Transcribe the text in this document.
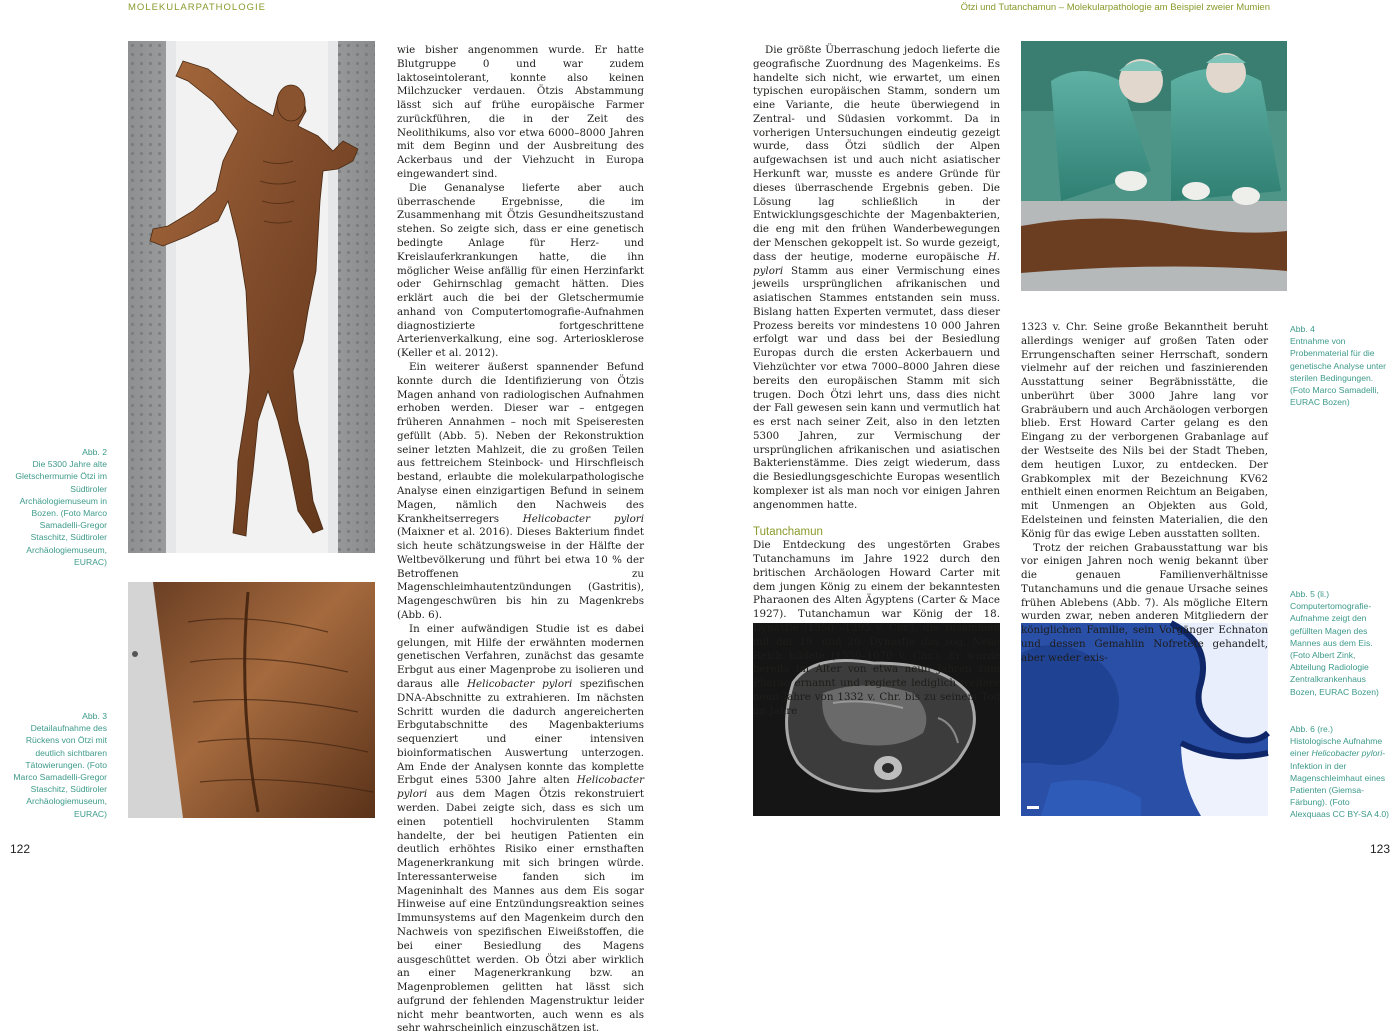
MOLEKULARPATHOLOGIE	Ötzi und Tutanchamun – Molekularpathologie am Beispiel zweier Mumien
Abb. 2
Die 5300 Jahre alte Gletschermumie Ötzi im Südtiroler Archäologiemuseum in Bozen. (Foto Marco Samadelli-Gregor Staschitz, Südtiroler Archäologiemuseum, EURAC)
Abb. 3
Detailaufnahme des Rückens von Ötzi mit deutlich sichtbaren Tätowierungen. (Foto Marco Samadelli-Gregor Staschitz, Südtiroler Archäologiemuseum, EURAC)
Abb. 4
Entnahme von Probenmaterial für die genetische Analyse unter sterilen Bedingungen. (Foto Marco Samadelli, EURAC Bozen)
Abb. 5 (li.)
Computertomografie-Aufnahme zeigt den gefüllten Magen des Mannes aus dem Eis. (Foto Albert Zink, Abteilung Radiologie Zentralkrankenhaus Bozen, EURAC Bozen)
Abb. 6 (re.)
Histologische Aufnahme einer Helicobacter pylori-Infektion in der Magenschleimhaut eines Patienten (Giemsa-Färbung). (Foto Alexquaas CC BY-SA 4.0)

wie bisher angenommen wurde. Er hatte Blutgruppe 0 und war zudem laktoseintolerant, konnte also keinen Milchzucker verdauen. Ötzis Abstammung lässt sich auf frühe europäische Farmer zurückführen, die in der Zeit des Neolithikums, also vor etwa 6000–8000 Jahren mit dem Beginn und der Ausbreitung des Ackerbaus und der Viehzucht in Europa eingewandert sind.

Die Genanalyse lieferte aber auch überraschende Ergebnisse, die im Zusammenhang mit Ötzis Gesundheitszustand stehen. So zeigte sich, dass er eine genetisch bedingte Anlage für Herz- und Kreislauferkrankungen hatte, die ihn möglicher Weise anfällig für einen Herzinfarkt oder Gehirnschlag gemacht hätten. Dies erklärt auch die bei der Gletschermumie anhand von Computertomografie-Aufnahmen diagnostizierte fortgeschrittene Arterienverkalkung, eine sog. Arteriosklerose (Keller et al. 2012).

Ein weiterer äußerst spannender Befund konnte durch die Identifizierung von Ötzis Magen anhand von radiologischen Aufnahmen erhoben werden. Dieser war – entgegen früheren Annahmen – noch mit Speiseresten gefüllt (Abb. 5). Neben der Rekonstruktion seiner letzten Mahlzeit, die zu großen Teilen aus fettreichem Steinbock- und Hirschfleisch bestand, erlaubte die molekularpathologische Analyse einen einzigartigen Befund in seinem Magen, nämlich den Nachweis des Krankheitserregers Helicobacter pylori (Maixner et al. 2016). Dieses Bakterium findet sich heute schätzungsweise in der Hälfte der Weltbevölkerung und führt bei etwa 10 % der Betroffenen zu Magenschleimhautentzündungen (Gastritis), Magengeschwüren bis hin zu Magenkrebs (Abb. 6).

In einer aufwändigen Studie ist es dabei gelungen, mit Hilfe der erwähnten modernen genetischen Verfahren, zunächst das gesamte Erbgut aus einer Magenprobe zu isolieren und daraus alle Helicobacter pylori spezifischen DNA-Abschnitte zu extrahieren. Im nächsten Schritt wurden die dadurch angereicherten Erbgutabschnitte des Magenbakteriums sequenziert und einer intensiven bioinformatischen Auswertung unterzogen. Am Ende der Analysen konnte das komplette Erbgut eines 5300 Jahre alten Helicobacter pylori aus dem Magen Ötzis rekonstruiert werden. Dabei zeigte sich, dass es sich um einen potentiell hochvirulenten Stamm handelte, der bei heutigen Patienten ein deutlich erhöhtes Risiko einer ernsthaften Magenerkrankung mit sich bringen würde. Interessanterweise fanden sich im Mageninhalt des Mannes aus dem Eis sogar Hinweise auf eine Entzündungsreaktion seines Immunsystems auf den Magenkeim durch den Nachweis von spezifischen Eiweißstoffen, die bei einer Besiedlung des Magens ausgeschüttet werden. Ob Ötzi aber wirklich an einer Magenerkrankung bzw. an Magenproblemen gelitten hat lässt sich aufgrund der fehlenden Magenstruktur leider nicht mehr beantworten, auch wenn es als sehr wahrscheinlich einzuschätzen ist.

Die größte Überraschung jedoch lieferte die geografische Zuordnung des Magenkeims. Es handelte sich nicht, wie erwartet, um einen typischen europäischen Stamm, sondern um eine Variante, die heute überwiegend in Zentral- und Südasien vorkommt. Da in vorherigen Untersuchungen eindeutig gezeigt wurde, dass Ötzi südlich der Alpen aufgewachsen ist und auch nicht asiatischer Herkunft war, musste es andere Gründe für dieses überraschende Ergebnis geben. Die Lösung lag schließlich in der Entwicklungsgeschichte der Magenbakterien, die eng mit den frühen Wanderbewegungen der Menschen gekoppelt ist. So wurde gezeigt, dass der heutige, moderne europäische H. pylori Stamm aus einer Vermischung eines jeweils ursprünglichen afrikanischen und asiatischen Stammes entstanden sein muss. Bislang hatten Experten vermutet, dass dieser Prozess bereits vor mindestens 10 000 Jahren erfolgt war und dass bei der Besiedlung Europas durch die ersten Ackerbauern und Viehzüchter vor etwa 7000–8000 Jahren diese bereits den europäischen Stamm mit sich trugen. Doch Ötzi lehrt uns, dass dies nicht der Fall gewesen sein kann und vermutlich hat es erst nach seiner Zeit, also in den letzten 5300 Jahren, zur Vermischung der ursprünglichen afrikanischen und asiatischen Bakterienstämme. Dies zeigt wiederum, dass die Besiedlungsgeschichte Europas wesentlich komplexer ist als man noch vor einigen Jahren angenommen hatte.

Tutanchamun

Die Entdeckung des ungestörten Grabes Tutanchamuns im Jahre 1922 durch den britischen Archäologen Howard Carter mit dem jungen König zu einem der bekanntesten Pharaonen des Alten Ägyptens (Carter & Mace 1927). Tutanchamun war König der 18. Dynastie (1550 –1295 v. Chr.), die zusammen mit der 19. und 20. Dynastie das sog. Neue Reich bildete (1550–1070 v. Chr.). Er wurde bereits im Alter von etwa neun Jahren zum Pharao ernannt und regierte lediglich weitere neun Jahre von 1332 v. Chr. bis zu seinem Tod im Jahre

1323 v. Chr. Seine große Bekanntheit beruht allerdings weniger auf großen Taten oder Errungenschaften seiner Herrschaft, sondern vielmehr auf der reichen und faszinierenden Ausstattung seiner Begräbnisstätte, die unberührt über 3000 Jahre lang vor Grabräubern und auch Archäologen verborgen blieb. Erst Howard Carter gelang es den Eingang zu der verborgenen Grabanlage auf der Westseite des Nils bei der Stadt Theben, dem heutigen Luxor, zu entdecken. Der Grabkomplex mit der Bezeichnung KV62 enthielt einen enormen Reichtum an Beigaben, mit Unmengen an Objekten aus Gold, Edelsteinen und feinsten Materialien, die den König für das ewige Leben ausstatten sollten.

Trotz der reichen Grabausstattung war bis vor einigen Jahren noch wenig bekannt über die genauen Familienverhältnisse Tutanchamuns und die genaue Ursache seines frühen Ablebens (Abb. 7). Als mögliche Eltern wurden zwar, neben anderen Mitgliedern der königlichen Familie, sein Vorgänger Echnaton und dessen Gemahlin Nofretete gehandelt, aber weder exis-

122	123
